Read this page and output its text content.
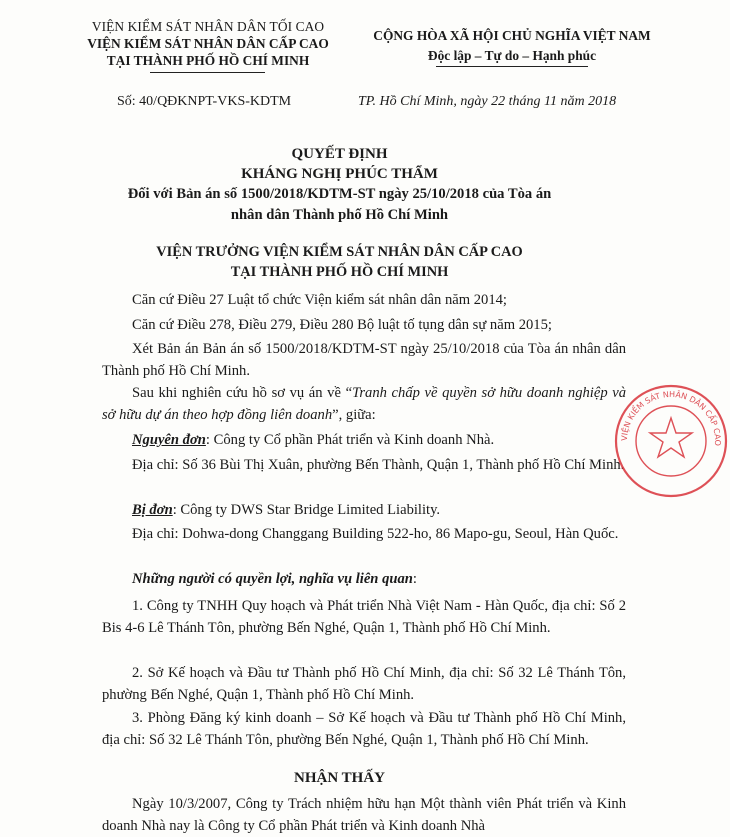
VIỆN KIỂM SÁT NHÂN DÂN TỐI CAO
VIỆN KIỂM SÁT NHÂN DÂN CẤP CAO
TẠI THÀNH PHỐ HỒ CHÍ MINH
CỘNG HÒA XÃ HỘI CHỦ NGHĨA VIỆT NAM
Độc lập – Tự do – Hạnh phúc
Số: 40/QĐKNPT-VKS-KDTM	TP. Hồ Chí Minh, ngày 22 tháng 11 năm 2018
QUYẾT ĐỊNH
KHÁNG NGHỊ PHÚC THẨM
Đối với Bản án số 1500/2018/KDTM-ST ngày 25/10/2018 của Tòa án
nhân dân Thành phố Hồ Chí Minh
VIỆN TRƯỞNG VIỆN KIỂM SÁT NHÂN DÂN CẤP CAO
TẠI THÀNH PHỐ HỒ CHÍ MINH
Căn cứ Điều 27 Luật tổ chức Viện kiểm sát nhân dân năm 2014;
Căn cứ Điều 278, Điều 279, Điều 280 Bộ luật tố tụng dân sự năm 2015;
Xét Bản án Bản án số 1500/2018/KDTM-ST ngày 25/10/2018 của Tòa án nhân dân Thành phố Hồ Chí Minh.
Sau khi nghiên cứu hồ sơ vụ án về “Tranh chấp về quyền sở hữu doanh nghiệp và sở hữu dự án theo hợp đồng liên doanh”, giữa:
Nguyên đơn: Công ty Cổ phần Phát triển và Kinh doanh Nhà.
Địa chỉ: Số 36 Bùi Thị Xuân, phường Bến Thành, Quận 1, Thành phố Hồ Chí Minh.
Bị đơn: Công ty DWS Star Bridge Limited Liability.
Địa chỉ: Dohwa-dong Changgang Building 522-ho, 86 Mapo-gu, Seoul, Hàn Quốc.
Những người có quyền lợi, nghĩa vụ liên quan:
1. Công ty TNHH Quy hoạch và Phát triển Nhà Việt Nam - Hàn Quốc, địa chỉ: Số 2 Bis 4-6 Lê Thánh Tôn, phường Bến Nghé, Quận 1, Thành phố Hồ Chí Minh.
2. Sở Kế hoạch và Đầu tư Thành phố Hồ Chí Minh, địa chỉ: Số 32 Lê Thánh Tôn, phường Bến Nghé, Quận 1, Thành phố Hồ Chí Minh.
3. Phòng Đăng ký kinh doanh – Sở Kế hoạch và Đầu tư Thành phố Hồ Chí Minh, địa chỉ: Số 32 Lê Thánh Tôn, phường Bến Nghé, Quận 1, Thành phố Hồ Chí Minh.
NHẬN THẤY
Ngày 10/3/2007, Công ty Trách nhiệm hữu hạn Một thành viên Phát triển và Kinh doanh Nhà nay là Công ty Cổ phần Phát triển và Kinh doanh Nhà
VIỆN KIỂM SÁT NHÂN DÂN CẤP CAO
